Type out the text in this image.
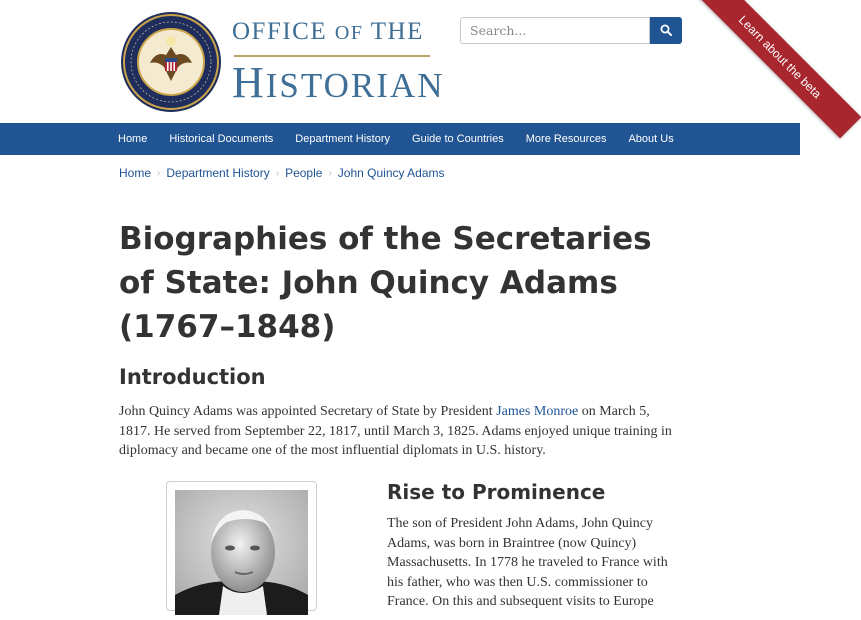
OFFICE OF THE
HISTORIAN
Search...	Learn about the beta
Home	Historical Documents	Department History	Guide to Countries	More Resources	About Us
Home › Department History › People › John Quincy Adams
Biographies of the Secretaries of State: John Quincy Adams (1767–1848)
Introduction

John Quincy Adams was appointed Secretary of State by President James Monroe on March 5, 1817. He served from September 22, 1817, until March 3, 1825. Adams enjoyed unique training in diplomacy and became one of the most influential diplomats in U.S. history.

Rise to Prominence

The son of President John Adams, John Quincy Adams, was born in Braintree (now Quincy) Massachusetts. In 1778 he traveled to France with his father, who was then U.S. commissioner to France. On this and subsequent visits to Europe
